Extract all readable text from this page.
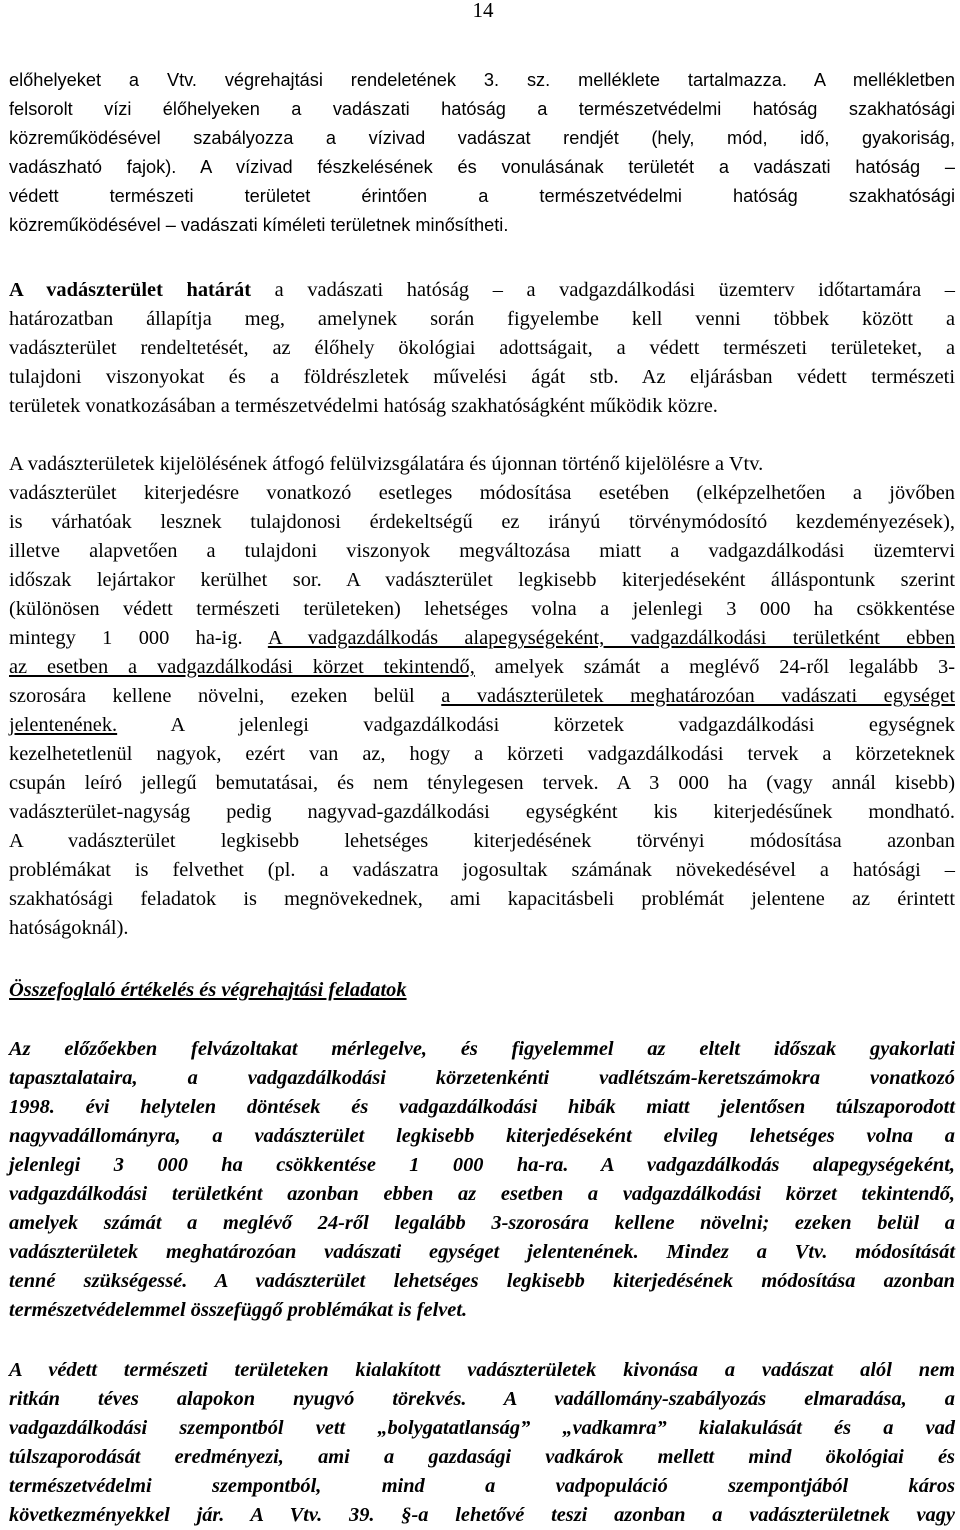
14
előhelyeket a Vtv. végrehajtási rendeletének 3. sz. melléklete tartalmazza. A mellékletben
felsorolt vízi élőhelyeken a vadászati hatóság a természetvédelmi hatóság szakhatósági
közreműködésével szabályozza a vízivad vadászat rendjét (hely, mód, idő, gyakoriság,
vadászható fajok). A vízivad fészkelésének és vonulásának területét a vadászati hatóság –
védett természeti területet érintően a természetvédelmi hatóság szakhatósági
közreműködésével – vadászati kíméleti területnek minősítheti.
A vadászterület határát a vadászati hatóság – a vadgazdálkodási üzemterv időtartamára –
határozatban állapítja meg, amelynek során figyelembe kell venni többek között a
vadászterület rendeltetését, az élőhely ökológiai adottságait, a védett természeti területeket, a
tulajdoni viszonyokat és a földrészletek művelési ágát stb. Az eljárásban védett természeti
területek vonatkozásában a természetvédelmi hatóság szakhatóságként működik közre.
A vadászterületek kijelölésének átfogó felülvizsgálatára és újonnan történő kijelölésre a Vtv.
vadászterület kiterjedésre vonatkozó esetleges módosítása esetében (elképzelhetően a jövőben
is várhatóak lesznek tulajdonosi érdekeltségű ez irányú törvénymódosító kezdeményezések),
illetve alapvetően a tulajdoni viszonyok megváltozása miatt a vadgazdálkodási üzemtervi
időszak lejártakor kerülhet sor. A vadászterület legkisebb kiterjedéseként álláspontunk szerint
(különösen védett természeti területeken) lehetséges volna a jelenlegi 3 000 ha csökkentése
mintegy 1 000 ha-ig. A vadgazdálkodás alapegységeként, vadgazdálkodási területként ebben
az esetben a vadgazdálkodási körzet tekintendő, amelyek számát a meglévő 24-ről legalább 3-
szorosára kellene növelni, ezeken belül a vadászterületek meghatározóan vadászati egységet
jelentenének. A jelenlegi vadgazdálkodási körzetek vadgazdálkodási egységnek
kezelhetetlenül nagyok, ezért van az, hogy a körzeti vadgazdálkodási tervek a körzeteknek
csupán leíró jellegű bemutatásai, és nem ténylegesen tervek. A 3 000 ha (vagy annál kisebb)
vadászterület-nagyság pedig nagyvad-gazdálkodási egységként kis kiterjedésűnek mondható.
A vadászterület legkisebb lehetséges kiterjedésének törvényi módosítása azonban
problémákat is felvethet (pl. a vadászatra jogosultak számának növekedésével a hatósági –
szakhatósági feladatok is megnövekednek, ami kapacitásbeli problémát jelentene az érintett
hatóságoknál).
Összefoglaló értékelés és végrehajtási feladatok
Az előzőekben felvázoltakat mérlegelve, és figyelemmel az eltelt időszak gyakorlati
tapasztalataira, a vadgazdálkodási körzetenkénti vadlétszám-keretszámokra vonatkozó
1998. évi helytelen döntések és vadgazdálkodási hibák miatt jelentősen túlszaporodott
nagyvadállományra, a vadászterület legkisebb kiterjedéseként elvileg lehetséges volna a
jelenlegi 3 000 ha csökkentése 1 000 ha-ra. A vadgazdálkodás alapegységeként,
vadgazdálkodási területként azonban ebben az esetben a vadgazdálkodási körzet tekintendő,
amelyek számát a meglévő 24-ről legalább 3-szorosára kellene növelni; ezeken belül a
vadászterületek meghatározóan vadászati egységet jelentenének. Mindez a Vtv. módosítását
tenné szükségessé. A vadászterület lehetséges legkisebb kiterjedésének módosítása azonban
természetvédelemmel összefüggő problémákat is felvet.
A védett természeti területeken kialakított vadászterületek kivonása a vadászat alól nem
ritkán téves alapokon nyugvó törekvés. A vadállomány-szabályozás elmaradása, a
vadgazdálkodási szempontból vett „bolygatatlanság” „vadkamra” kialakulását és a vad
túlszaporodását eredményezi, ami a gazdasági vadkárok mellett mind ökológiai és
természetvédelmi szempontból, mind a vadpopuláció szempontjából káros
következményekkel jár. A Vtv. 39. §-a lehetővé teszi azonban a vadászterületnek vagy
